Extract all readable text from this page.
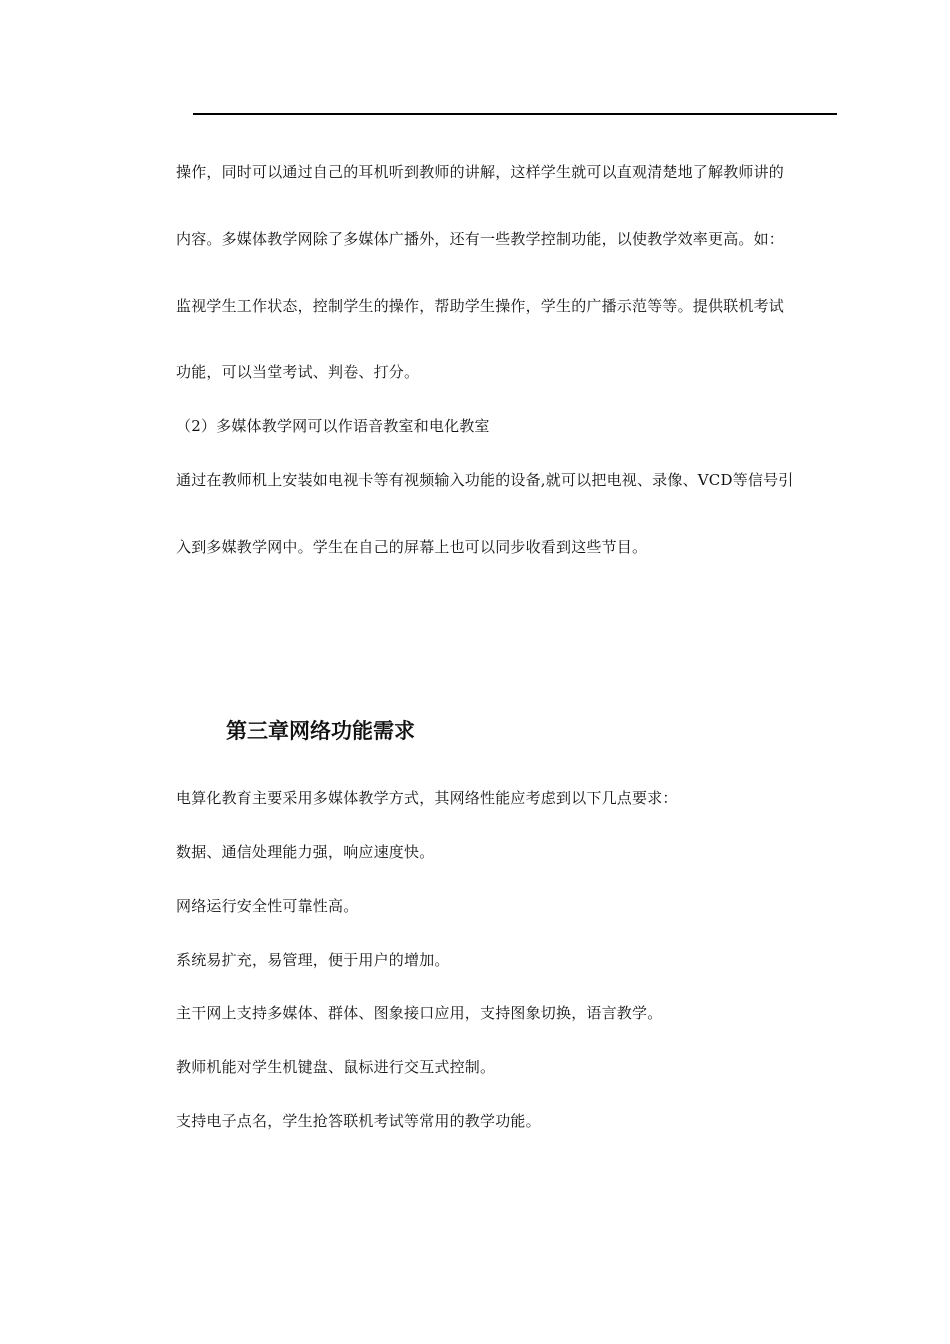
操作，同时可以通过自己的耳机听到教师的讲解，这样学生就可以直观清楚地了解教师讲的
内容。多媒体教学网除了多媒体广播外，还有一些教学控制功能，以使教学效率更高。如：
监视学生工作状态，控制学生的操作，帮助学生操作，学生的广播示范等等。提供联机考试
功能，可以当堂考试、判卷、打分。
（2）多媒体教学网可以作语音教室和电化教室
通过在教师机上安装如电视卡等有视频输入功能的设备,就可以把电视、录像、VCD等信号引
入到多媒教学网中。学生在自己的屏幕上也可以同步收看到这些节目。
第三章网络功能需求
电算化教育主要采用多媒体教学方式，其网络性能应考虑到以下几点要求：
数据、通信处理能力强，响应速度快。
网络运行安全性可靠性高。
系统易扩充，易管理，便于用户的增加。
主干网上支持多媒体、群体、图象接口应用，支持图象切换，语言教学。
教师机能对学生机键盘、鼠标进行交互式控制。
支持电子点名，学生抢答联机考试等常用的教学功能。
